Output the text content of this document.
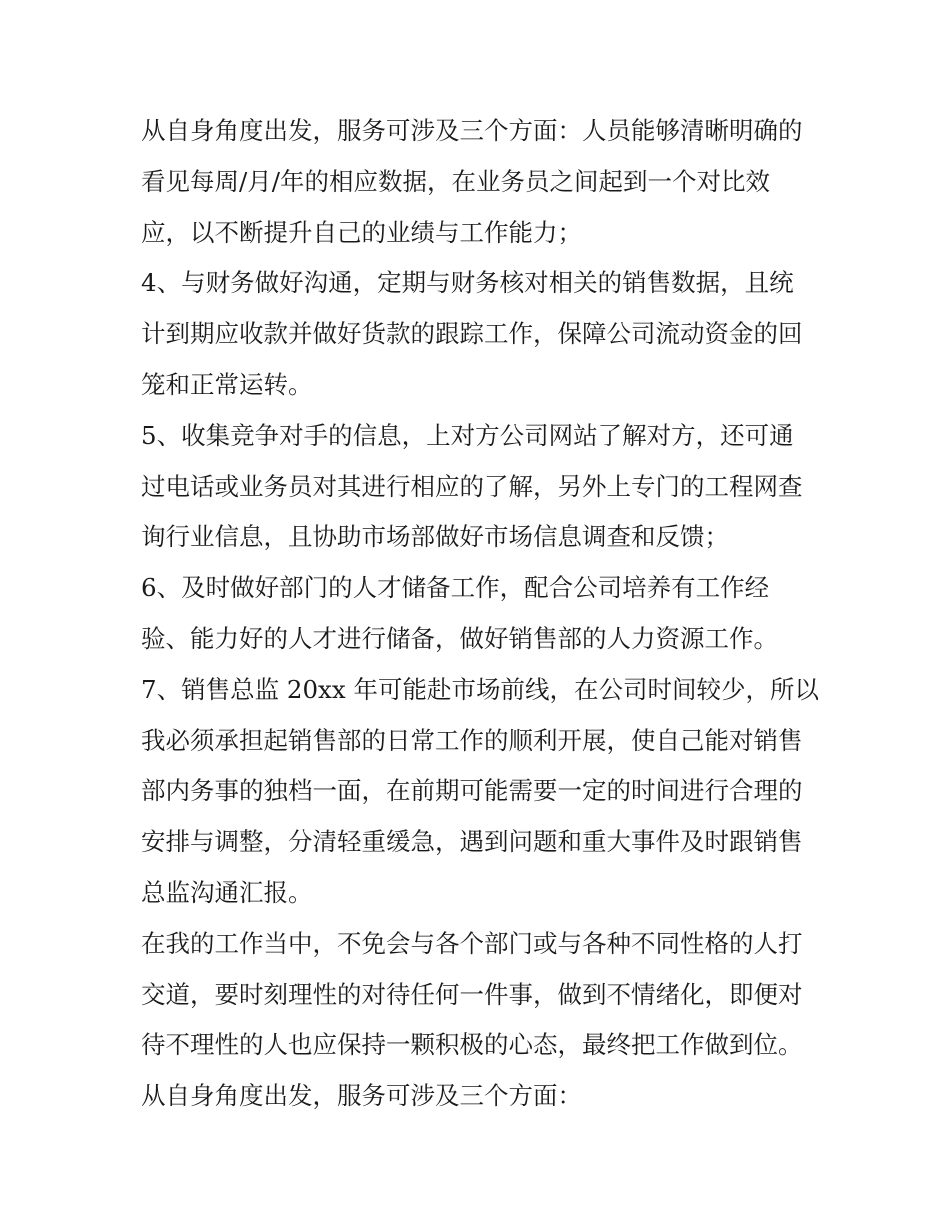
从自身角度出发，服务可涉及三个方面：人员能够清晰明确的
看见每周/月/年的相应数据，在业务员之间起到一个对比效
应，以不断提升自己的业绩与工作能力；
4、与财务做好沟通，定期与财务核对相关的销售数据，且统
计到期应收款并做好货款的跟踪工作，保障公司流动资金的回
笼和正常运转。
5、收集竞争对手的信息，上对方公司网站了解对方，还可通
过电话或业务员对其进行相应的了解，另外上专门的工程网查
询行业信息，且协助市场部做好市场信息调查和反馈；
6、及时做好部门的人才储备工作，配合公司培养有工作经
验、能力好的人才进行储备，做好销售部的人力资源工作。
7、销售总监 20xx 年可能赴市场前线，在公司时间较少，所以
我必须承担起销售部的日常工作的顺利开展，使自己能对销售
部内务事的独档一面，在前期可能需要一定的时间进行合理的
安排与调整，分清轻重缓急，遇到问题和重大事件及时跟销售
总监沟通汇报。
在我的工作当中，不免会与各个部门或与各种不同性格的人打
交道，要时刻理性的对待任何一件事，做到不情绪化，即便对
待不理性的人也应保持一颗积极的心态，最终把工作做到位。
从自身角度出发，服务可涉及三个方面：
